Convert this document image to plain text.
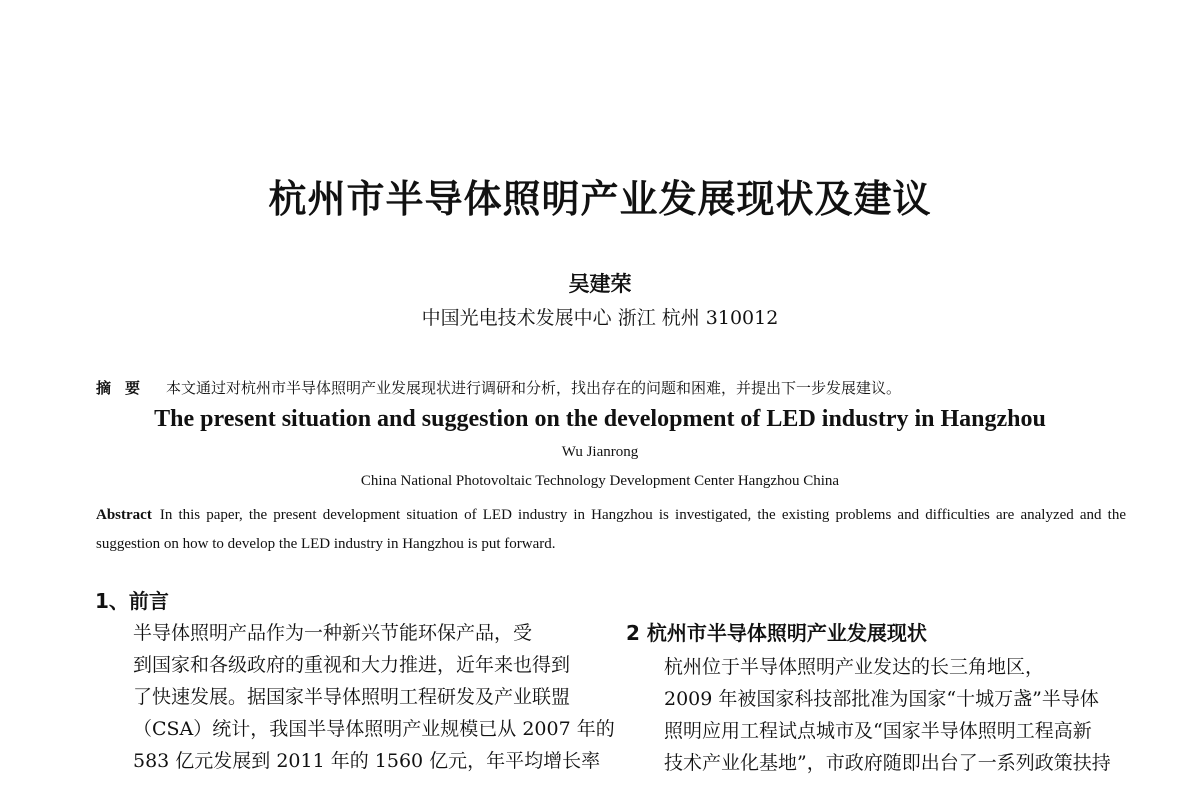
杭州市半导体照明产业发展现状及建议
吴建荣
中国光电技术发展中心 浙江 杭州 310012
摘要 本文通过对杭州市半导体照明产业发展现状进行调研和分析，找出存在的问题和困难，并提出下一步发展建议。
The present situation and suggestion on the development of LED industry in Hangzhou
Wu Jianrong
China National Photovoltaic Technology Development Center Hangzhou China
Abstract In this paper, the present development situation of LED industry in Hangzhou is investigated, the existing problems and difficulties are analyzed and the suggestion on how to develop the LED industry in Hangzhou is put forward.
1、前言
半导体照明产品作为一种新兴节能环保产品，受
到国家和各级政府的重视和大力推进，近年来也得到
了快速发展。据国家半导体照明工程研发及产业联盟
（CSA）统计，我国半导体照明产业规模已从 2007 年的
583 亿元发展到 2011 年的 1560 亿元，年平均增长率
2 杭州市半导体照明产业发展现状
杭州位于半导体照明产业发达的长三角地区，
2009 年被国家科技部批准为国家“十城万盏”半导体
照明应用工程试点城市及“国家半导体照明工程高新
技术产业化基地”，市政府随即出台了一系列政策扶持
